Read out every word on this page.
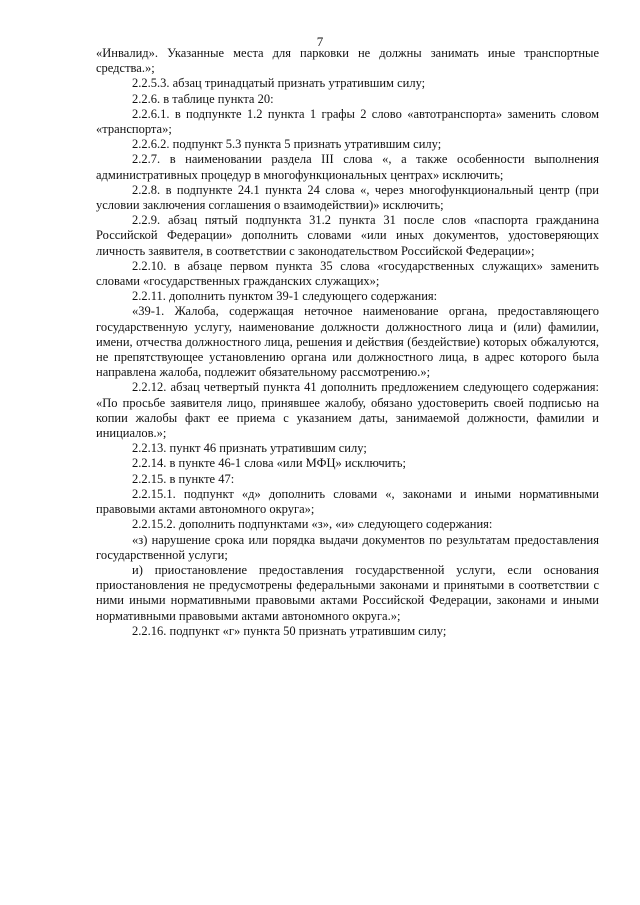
7

«Инвалид». Указанные места для парковки не должны занимать иные транспортные средства.»;

2.2.5.3. абзац тринадцатый признать утратившим силу;

2.2.6. в таблице пункта 20:

2.2.6.1. в подпункте 1.2 пункта 1 графы 2 слово «автотранспорта» заменить словом «транспорта»;

2.2.6.2. подпункт 5.3 пункта 5 признать утратившим силу;

2.2.7. в наименовании раздела III слова «, а также особенности выполнения административных процедур в многофункциональных центрах» исключить;

2.2.8. в подпункте 24.1 пункта 24 слова «, через многофункциональный центр (при условии заключения соглашения о взаимодействии)» исключить;

2.2.9. абзац пятый подпункта 31.2 пункта 31 после слов «паспорта гражданина Российской Федерации» дополнить словами «или иных документов, удостоверяющих личность заявителя, в соответствии с законодательством Российской Федерации»;

2.2.10. в абзаце первом пункта 35 слова «государственных служащих» заменить словами «государственных гражданских служащих»;

2.2.11. дополнить пунктом 39-1 следующего содержания:

«39-1. Жалоба, содержащая неточное наименование органа, предоставляющего государственную услугу, наименование должности должностного лица и (или) фамилии, имени, отчества должностного лица, решения и действия (бездействие) которых обжалуются, не препятствующее установлению органа или должностного лица, в адрес которого была направлена жалоба, подлежит обязательному рассмотрению.»;

2.2.12. абзац четвертый пункта 41 дополнить предложением следующего содержания: «По просьбе заявителя лицо, принявшее жалобу, обязано удостоверить своей подписью на копии жалобы факт ее приема с указанием даты, занимаемой должности, фамилии и инициалов.»;

2.2.13. пункт 46 признать утратившим силу;

2.2.14. в пункте 46-1 слова «или МФЦ» исключить;

2.2.15. в пункте 47:

2.2.15.1. подпункт «д» дополнить словами «, законами и иными нормативными правовыми актами автономного округа»;

2.2.15.2. дополнить подпунктами «з», «и» следующего содержания:

«з) нарушение срока или порядка выдачи документов по результатам предоставления государственной услуги;

и) приостановление предоставления государственной услуги, если основания приостановления не предусмотрены федеральными законами и принятыми в соответствии с ними иными нормативными правовыми актами Российской Федерации, законами и иными нормативными правовыми актами автономного округа.»;

2.2.16. подпункт «г» пункта 50 признать утратившим силу;
